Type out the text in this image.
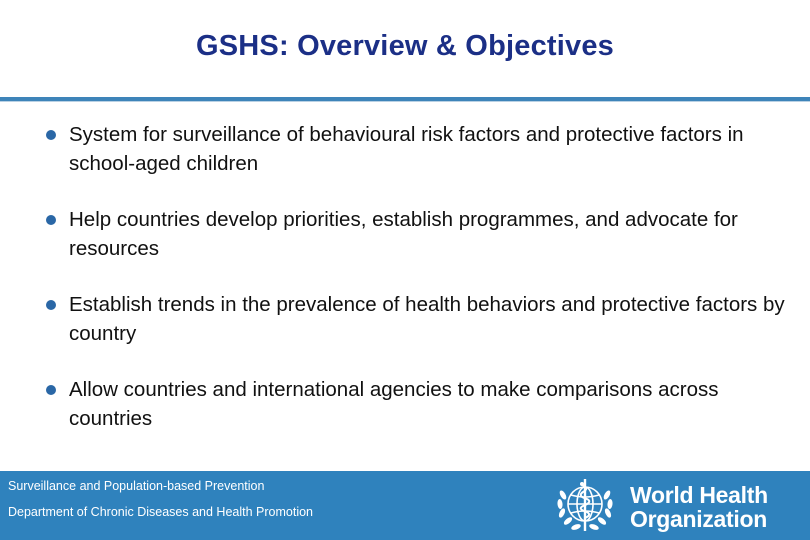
GSHS: Overview & Objectives
System for surveillance of behavioural risk factors and protective factors in school-aged children
Help countries develop priorities, establish programmes, and advocate for resources
Establish trends in the prevalence of health behaviors and protective factors by country
Allow countries and international agencies to make comparisons across countries
Surveillance and Population-based Prevention
Department of Chronic Diseases and Health Promotion
World Health
Organization
